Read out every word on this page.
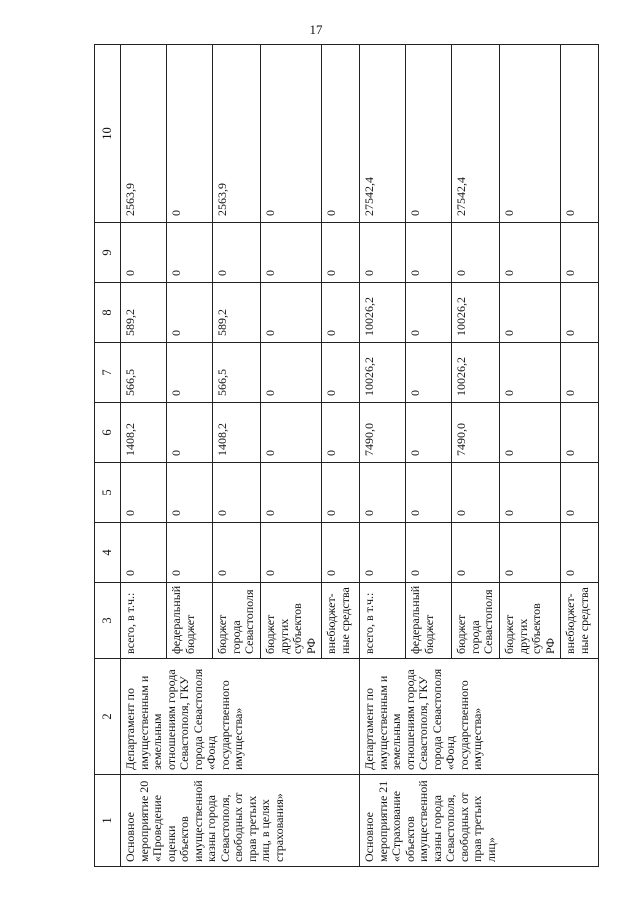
17
1	2	3	4	5	6	7	8	9	10
Основное мероприятие 20 «Проведение оценки объектов имущественной казны города Севастополя, свободных от прав третьих лиц, в целях страхования»	Департамент по имущественным и земельным отношениям города Севастополя, ГКУ города Севастополя «Фонд государственного имущества»	всего, в т.ч.:	0	0	1408,2	566,5	589,2	0	2563,9
		федеральный бюджет	0	0	0	0	0	0	0
		бюджет города Севастополя	0	0	1408,2	566,5	589,2	0	2563,9
		бюджет других субъектов РФ	0	0	0	0	0	0	0
		внебюджет- ные средства	0	0	0	0	0	0	0
Основное мероприятие 21 «Страхование объектов имущественной казны города Севастополя, свободных от прав третьих лиц»	Департамент по имущественным и земельным отношениям города Севастополя, ГКУ города Севастополя «Фонд государственного имущества»	всего, в т.ч.:	0	0	7490,0	10026,2	10026,2	0	27542,4
		федеральный бюджет	0	0	0	0	0	0	0
		бюджет города Севастополя	0	0	7490,0	10026,2	10026,2	0	27542,4
		бюджет других субъектов РФ	0	0	0	0	0	0	0
		внебюджет- ные средства	0	0	0	0	0	0	0
